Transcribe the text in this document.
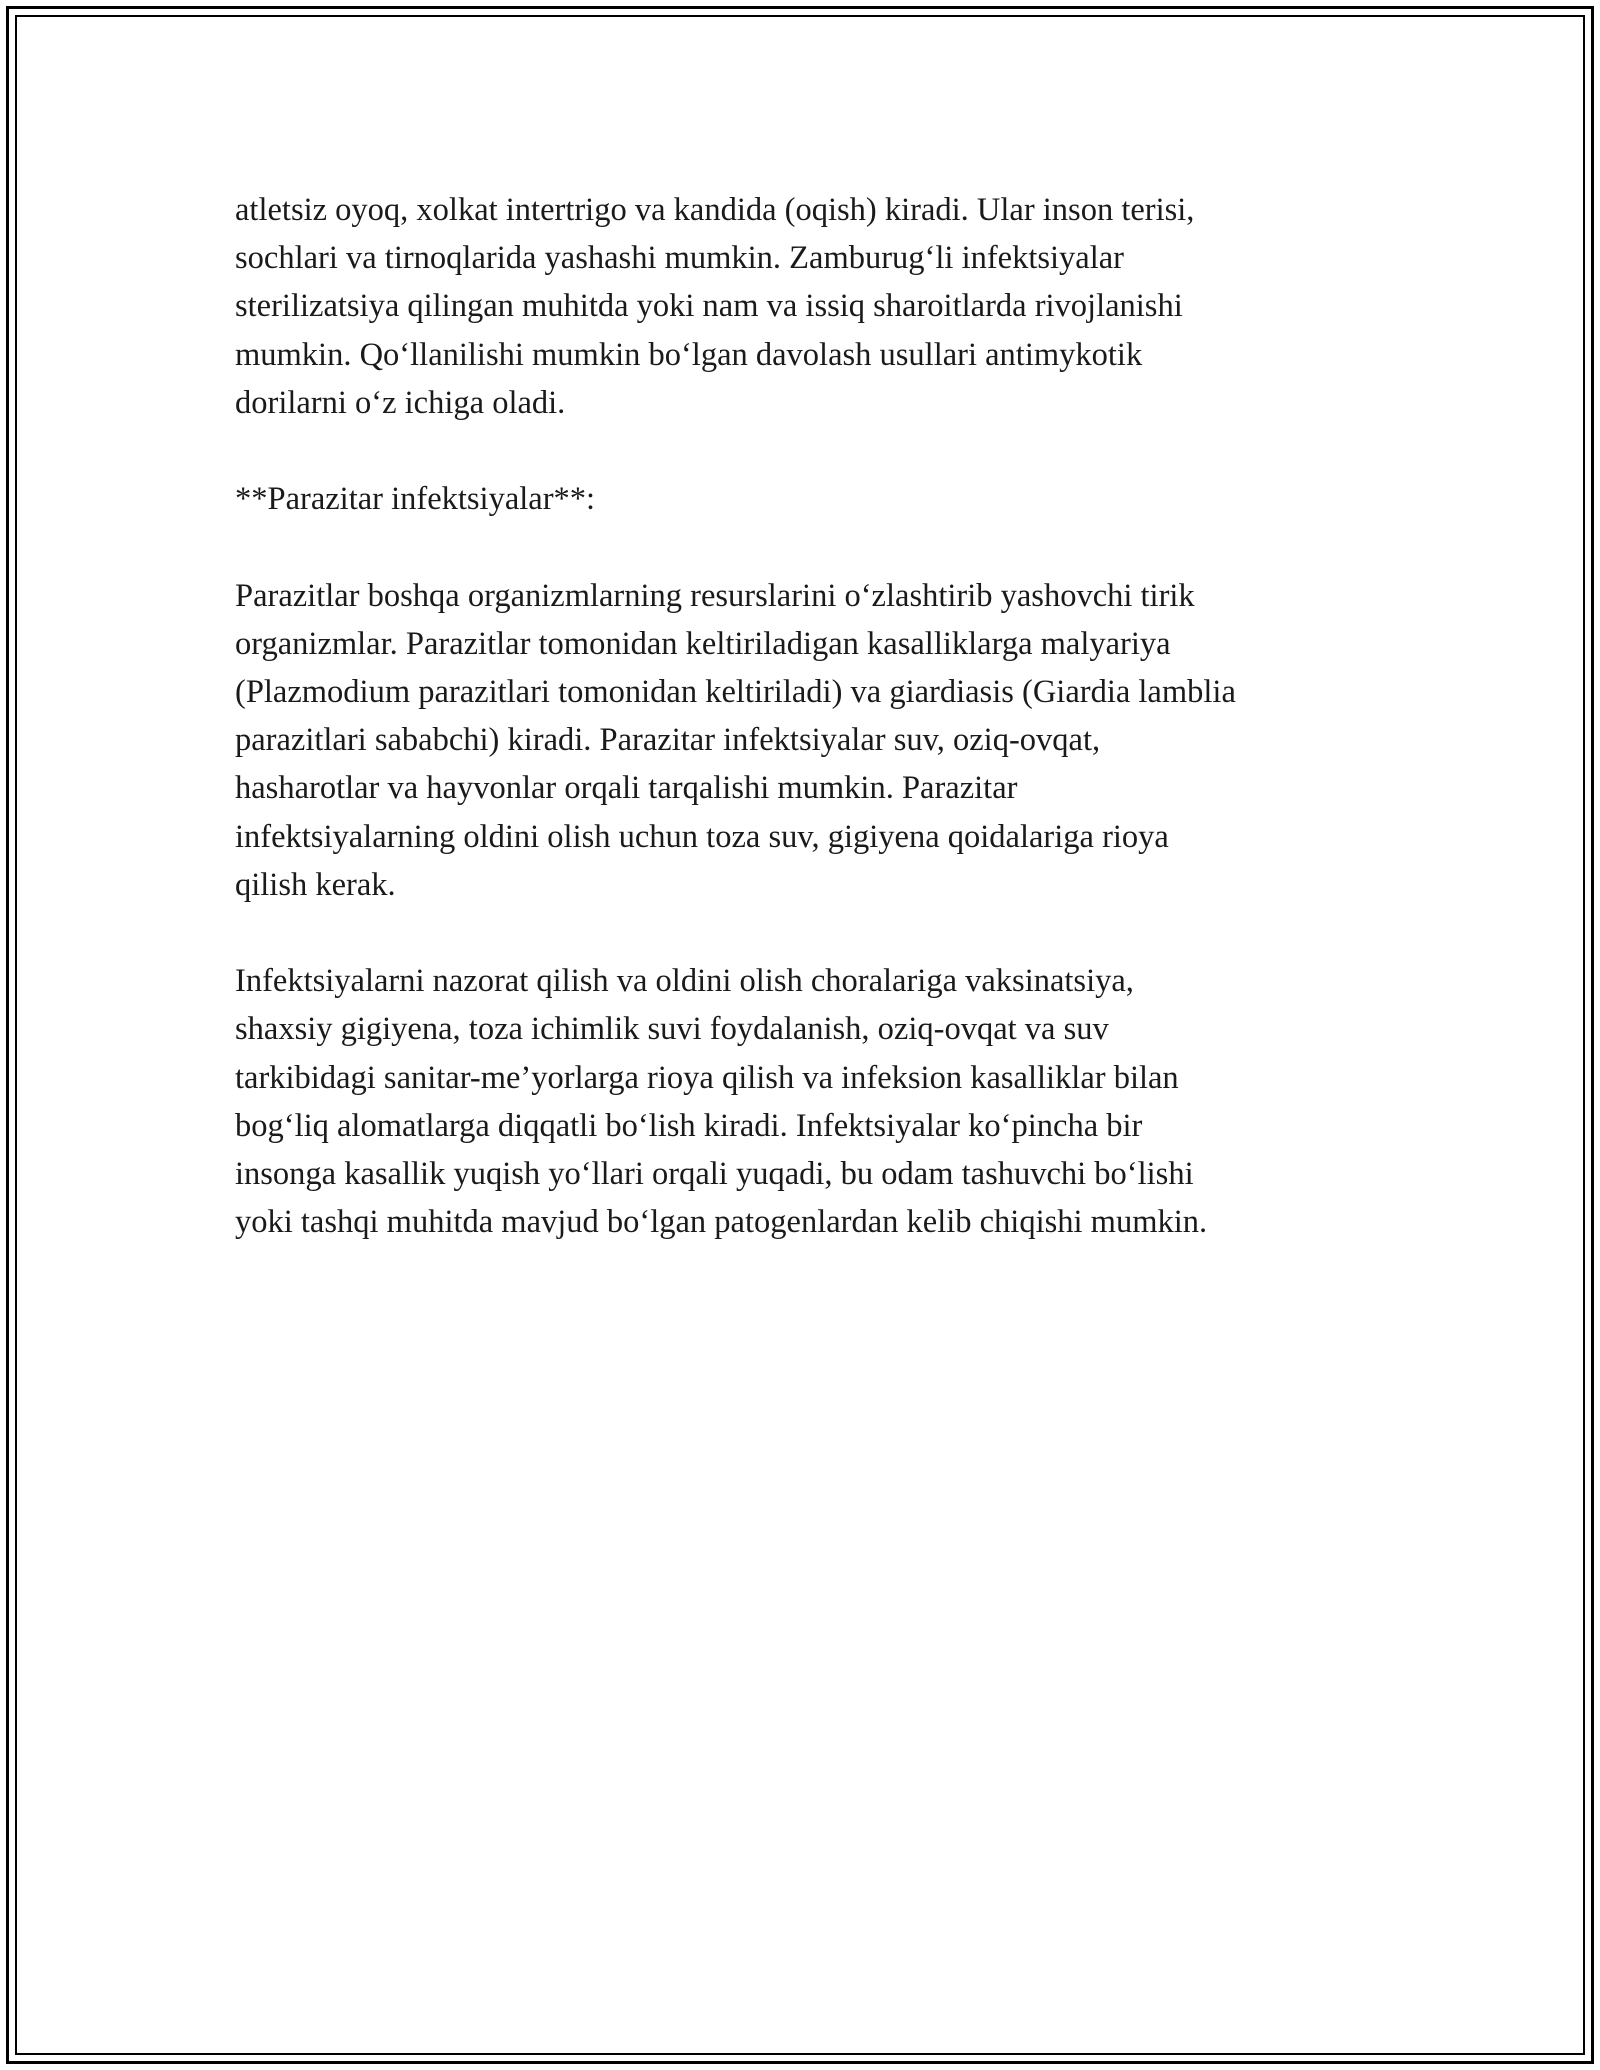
atletsiz oyoq, xolkat intertrigo va kandida (oqish) kiradi. Ular inson terisi,
sochlari va tirnoqlarida yashashi mumkin. Zamburug‘li infektsiyalar
sterilizatsiya qilingan muhitda yoki nam va issiq sharoitlarda rivojlanishi
mumkin. Qo‘llanilishi mumkin bo‘lgan davolash usullari antimykotik
dorilarni o‘z ichiga oladi.

**Parazitar infektsiyalar**:

Parazitlar boshqa organizmlarning resurslarini o‘zlashtirib yashovchi tirik
organizmlar. Parazitlar tomonidan keltiriladigan kasalliklarga malyariya
(Plazmodium parazitlari tomonidan keltiriladi) va giardiasis (Giardia lamblia
parazitlari sababchi) kiradi. Parazitar infektsiyalar suv, oziq-ovqat,
hasharotlar va hayvonlar orqali tarqalishi mumkin. Parazitar
infektsiyalarning oldini olish uchun toza suv, gigiyena qoidalariga rioya
qilish kerak.

Infektsiyalarni nazorat qilish va oldini olish choralariga vaksinatsiya,
shaxsiy gigiyena, toza ichimlik suvi foydalanish, oziq-ovqat va suv
tarkibidagi sanitar-me’yorlarga rioya qilish va infeksion kasalliklar bilan
bog‘liq alomatlarga diqqatli bo‘lish kiradi. Infektsiyalar ko‘pincha bir
insonga kasallik yuqish yo‘llari orqali yuqadi, bu odam tashuvchi bo‘lishi
yoki tashqi muhitda mavjud bo‘lgan patogenlardan kelib chiqishi mumkin.
